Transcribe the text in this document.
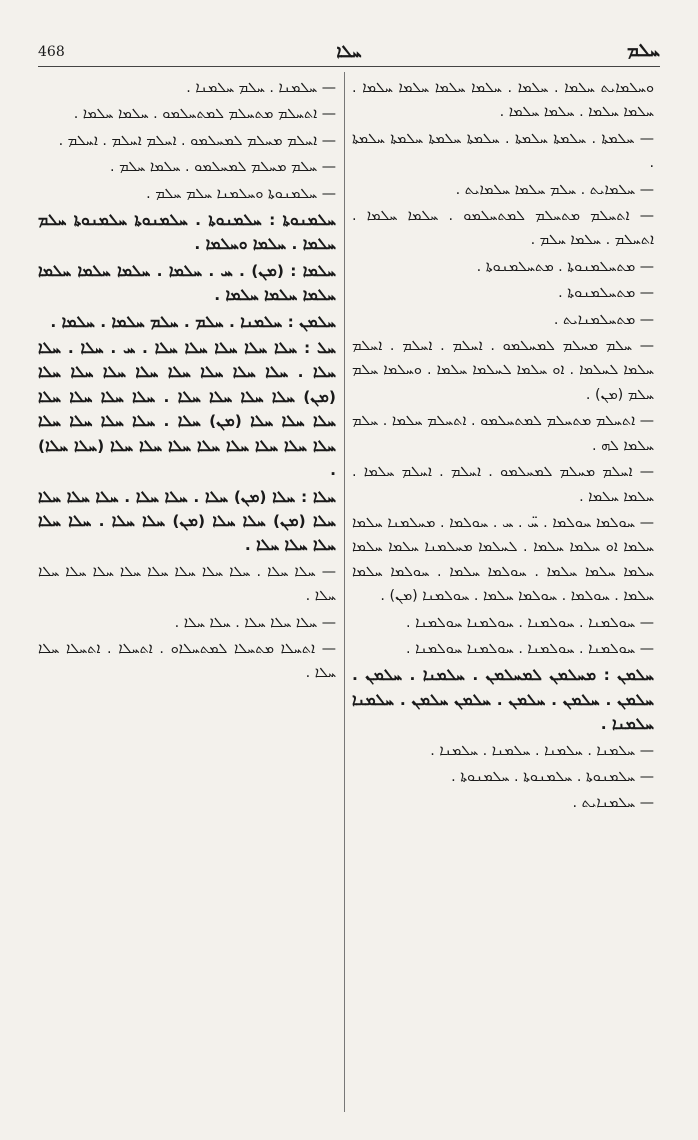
468	ܚܠܐ	ܚܠܡ

ܘܚܠܡܐܝܬ ܚܠܡܐ . ܚܠܡܐ . ܚܠܡܐ ܚܠܡܐ ܚܠܡܐ ܚܠܡܐ . ܚܠܡܐ ܚܠܡܐ . ܚܠܡܐ ܚܠܡܐ .

— ܚܠܡܬܐ . ܚܠܡܬܐ ܚܠܡܬܐ . ܚܠܡܬܐ ܚܠܡܬܐ ܚܠܡܬܐ ܚܠܡܬܐ .

— ܚܠܡܐܝܬ . ܚܠܡ ܚܠܡܐ ܚܠܡܐܝܬ .

— ܐܬܚܠܡ ܡܬܚܠܡ ܠܡܬܚܠܡܘ . ܚܠܡܐ ܚܠܡܐ . ܐܬܚܠܡ . ܚܠܡܐ ܚܠܡ .

— ܡܬܚܠܡܢܘܬܐ . ܡܬܚܠܡܢܘܬܐ .

— ܡܬܚܠܡܢܘܬܐ .

— ܡܬܚܠܡܢܐܝܬ .

— ܚܠܡ ܡܚܠܡ ܠܡܚܠܡܘ . ܐܚܠܡ . ܐܚܠܡ . ܐܚܠܡ ܚܠܡܐ ܠܚܠܡܐ . ܐܘ ܚܠܡܐ ܠܚܠܡܐ ܚܠܡܐ . ܘܚܠܡܐ ܚܠܡ ܚܠܡ (ܡܢ) .

— ܐܬܚܠܡ ܡܬܚܠܡ ܠܡܬܚܠܡܘ . ܐܬܚܠܡ ܚܠܡܐ . ܚܠܡ ܚܠܡܐ ܠܗ .

— ܐܚܠܡ ܡܚܠܡ ܠܡܚܠܡܘ . ܐܚܠܡ . ܐܚܠܡ ܚܠܡܐ . ܚܠܡܐ ܚܠܡܐ .

— ܚܘܠܡܐ ܚܘܠܡܐ . ܚ̈ . ܚ . ܚܘܠܡܐ . ܡܚܠܡܢܐ ܚܠܡܐ ܚܠܡܐ ܐܘ ܚܠܡܐ ܚܠܡܐ . ܠܚܠܡܐ ܡܚܠܡܢܐ ܚܠܡܐ ܚܠܡܐ ܚܠܡܐ ܚܠܡܐ ܚܠܡܐ . ܚܘܠܡܐ ܚܠܡܐ . ܚܘܠܡܐ ܚܠܡܐ ܚܠܡܐ . ܚܘܠܡܐ . ܚܘܠܡܐ ܚܠܡܐ . ܚܘܠܡܢܐ (ܡܢ) .

— ܚܘܠܡܢܐ . ܚܘܠܡܢܐ . ܚܘܠܡܢܐ ܚܘܠܡܢܐ .

— ܚܘܠܡܢܐ . ܚܘܠܡܢܐ . ܚܘܠܡܢܐ ܚܘܠܡܢܐ .

ܚܠܡܢ : ܡܚܠܡܢ ܠܡܚܠܡܢ . ܚܠܡܢܐ . ܚܠܡܢ . ܚܠܡܢ . ܚܠܡܢ . ܚܠܡܢ . ܚܠܡܢ ܚܠܡܢ . ܚܠܡܢܐ ܚܠܡܢܐ .

— ܚܠܡܢܐ . ܚܠܡܢܐ . ܚܠܡܢܐ . ܚܠܡܢܐ .

— ܚܠܡܢܘܬܐ . ܚܠܡܢܘܬܐ . ܚܠܡܢܘܬܐ .

— ܚܠܡܢܐܝܬ .

— ܚܠܡܢܐ . ܚܠܡ ܚܠܡܢܐ .

— ܐܬܚܠܡ ܡܬܚܠܡ ܠܡܬܚܠܡܘ . ܚܠܡܐ ܚܠܡܐ .

— ܐܚܠܡ ܡܚܠܡ ܠܡܚܠܡܘ . ܐܚܠܡ ܐܚܠܡ . ܐܚܠܡ .

— ܚܠܡ ܡܚܠܡ ܠܡܚܠܡܘ . ܚܠܡܐ ܚܠܡ .

— ܚܠܡܢܘܬܐ ܘܚܠܡܢܐ ܚܠܡ ܚܠܡ .

ܚܠܡܢܘܬܐ : ܚܠܡܢܘܬܐ . ܚܠܡܢܘܬܐ ܚܠܡܢܘܬܐ ܚܠܡ ܚܠܡܐ . ܚܠܡܐ ܘܚܠܡܐ .

ܚܠܡܐ : (ܡܢ) . ܚ . ܚܠܡܐ . ܚܠܡܐ ܚܠܡܐ ܚܠܡܐ ܚܠܡܐ ܚܠܡܐ ܚܠܡܐ .

ܚܠܡܢ : ܚܠܡܢܐ . ܚܠܡ . ܚܠܡ ܚܠܡܐ . ܚܠܡܐ .

ܚܠ : ܚܠܐ ܚܠܐ ܚܠܐ ܚܠܐ ܚܠܐ . ܚ . ܚܠܐ . ܚܠܐ ܚܠܐ . ܚܠܐ ܚܠܐ ܚܠܐ ܚܠܐ ܚܠܐ ܚܠܐ ܚܠܐ ܚܠܐ (ܡܢ) ܚܠܐ ܚܠܐ ܚܠܐ ܚܠܐ . ܚܠܐ ܚܠܐ ܚܠܐ ܚܠܐ ܚܠܐ ܚܠܐ ܚܠܐ (ܡܢ) ܚܠܐ . ܚܠܐ ܚܠܐ ܚܠܐ ܚܠܐ ܚܠܐ ܚܠܐ ܚܠܐ ܚܠܐ ܚܠܐ ܚܠܐ ܚܠܐ ܚܠܐ (ܚܠܐ ܚܠܐ) .

ܚܠܐ : ܚܠܐ (ܡܢ) ܚܠܐ . ܚܠܐ ܚܠܐ . ܚܠܐ ܚܠܐ ܚܠܐ ܚܠܐ (ܡܢ) ܚܠܐ ܚܠܐ (ܡܢ) ܚܠܐ ܚܠܐ . ܚܠܐ ܚܠܐ ܚܠܐ ܚܠܐ ܚܠܐ .

— ܚܠܐ ܚܠܐ . ܚܠܐ ܚܠܐ ܚܠܐ ܚܠܐ ܚܠܐ ܚܠܐ ܚܠܐ ܚܠܐ ܚܠܐ .

— ܚܠܐ ܚܠܐ ܚܠܐ . ܚܠܐ ܚܠܐ .

— ܐܬܚܠܐ ܡܬܚܠܐ ܠܡܬܚܠܐܘ . ܐܬܚܠܐ . ܐܬܚܠܐ ܚܠܐ ܚܠܐ .
